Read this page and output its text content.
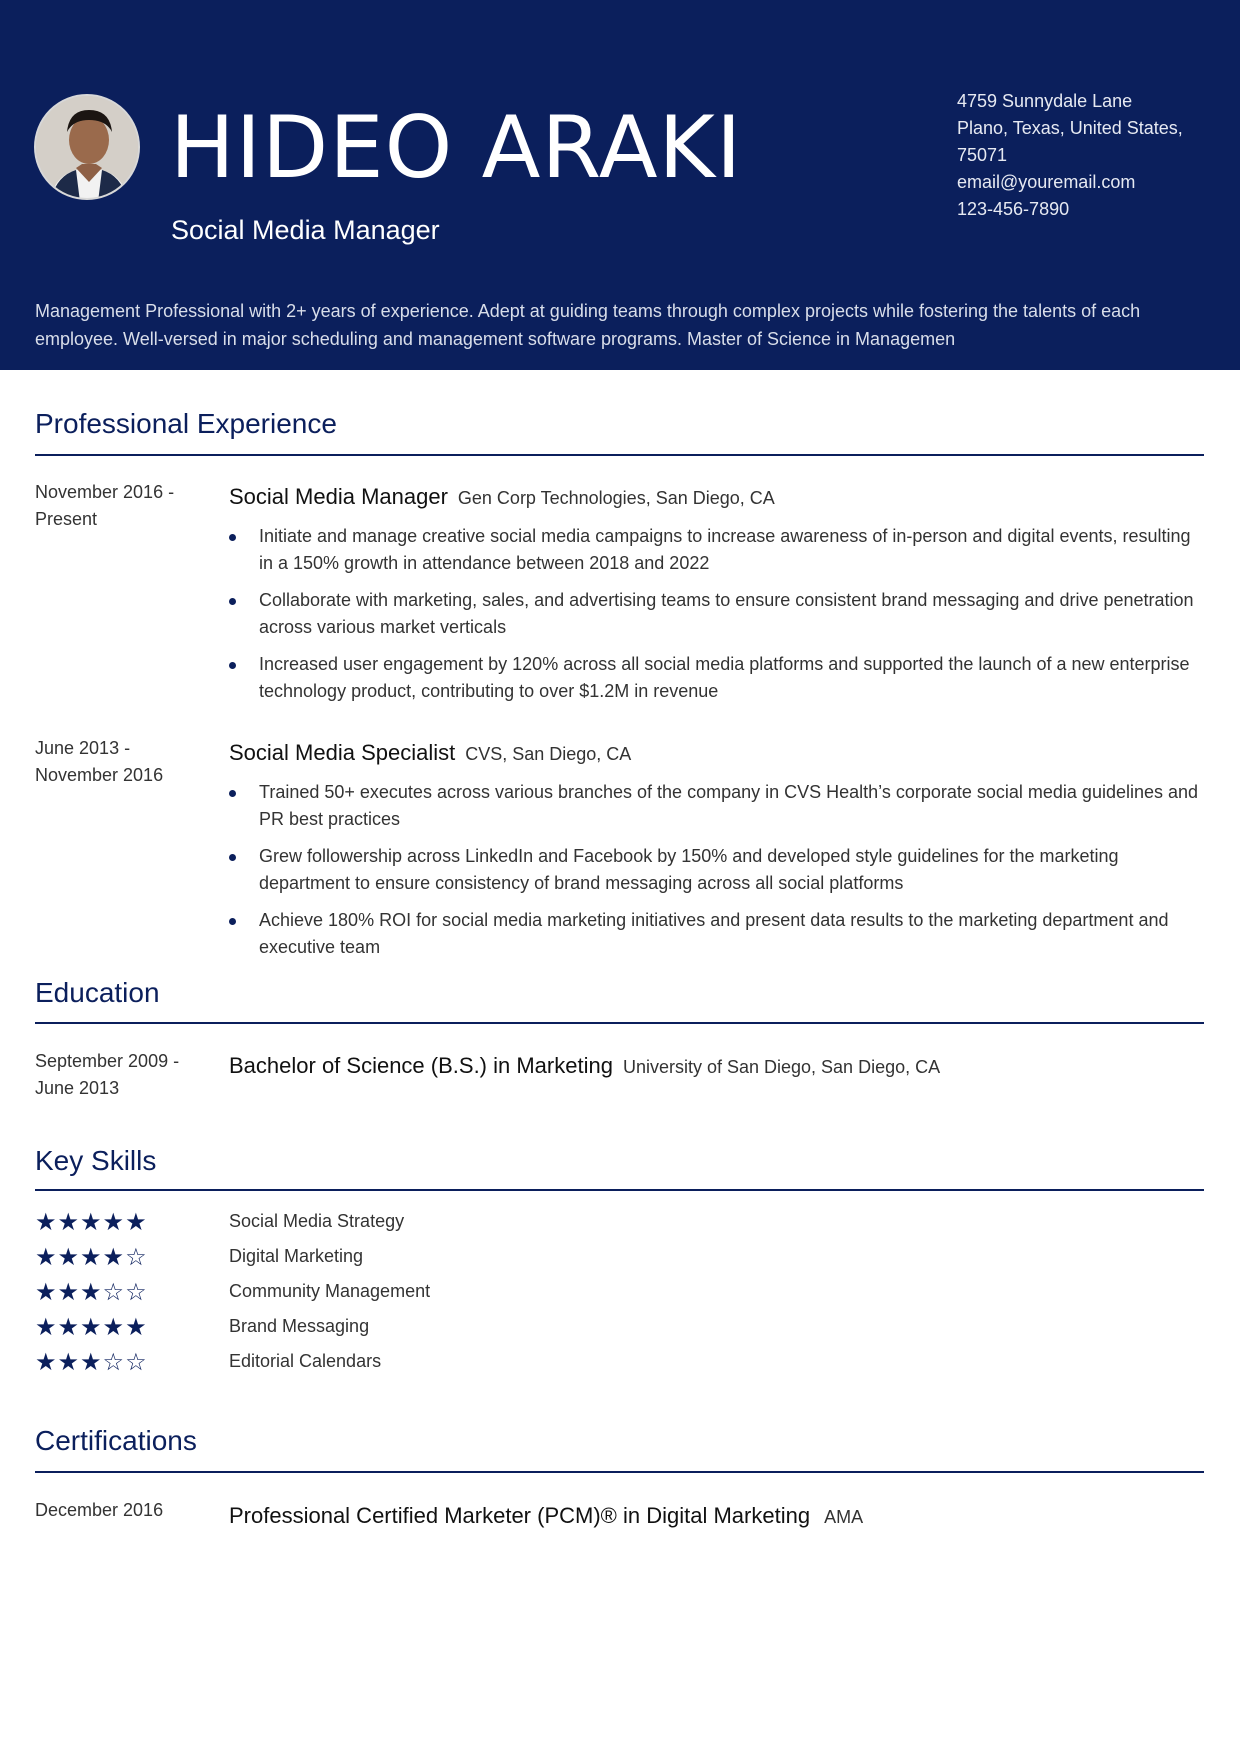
HIDEO ARAKI
Social Media Manager
4759 Sunnydale Lane
Plano, Texas, United States,
75071
email@youremail.com
123-456-7890
Management Professional with 2+ years of experience. Adept at guiding teams through complex projects while fostering the talents of each employee. Well-versed in major scheduling and management software programs. Master of Science in Managemen
Professional Experience
November 2016 - Present
Social Media Manager Gen Corp Technologies, San Diego, CA
Initiate and manage creative social media campaigns to increase awareness of in-person and digital events, resulting in a 150% growth in attendance between 2018 and 2022
Collaborate with marketing, sales, and advertising teams to ensure consistent brand messaging and drive penetration across various market verticals
Increased user engagement by 120% across all social media platforms and supported the launch of a new enterprise technology product, contributing to over $1.2M in revenue
June 2013 - November 2016
Social Media Specialist CVS, San Diego, CA
Trained 50+ executes across various branches of the company in CVS Health’s corporate social media guidelines and PR best practices
Grew followership across LinkedIn and Facebook by 150% and developed style guidelines for the marketing department to ensure consistency of brand messaging across all social platforms
Achieve 180% ROI for social media marketing initiatives and present data results to the marketing department and executive team
Education
September 2009 - June 2013
Bachelor of Science (B.S.) in Marketing University of San Diego, San Diego, CA
Key Skills
★★★★★	Social Media Strategy
★★★★☆	Digital Marketing
★★★☆☆	Community Management
★★★★★	Brand Messaging
★★★☆☆	Editorial Calendars
Certifications
December 2016	Professional Certified Marketer (PCM)® in Digital Marketing AMA
